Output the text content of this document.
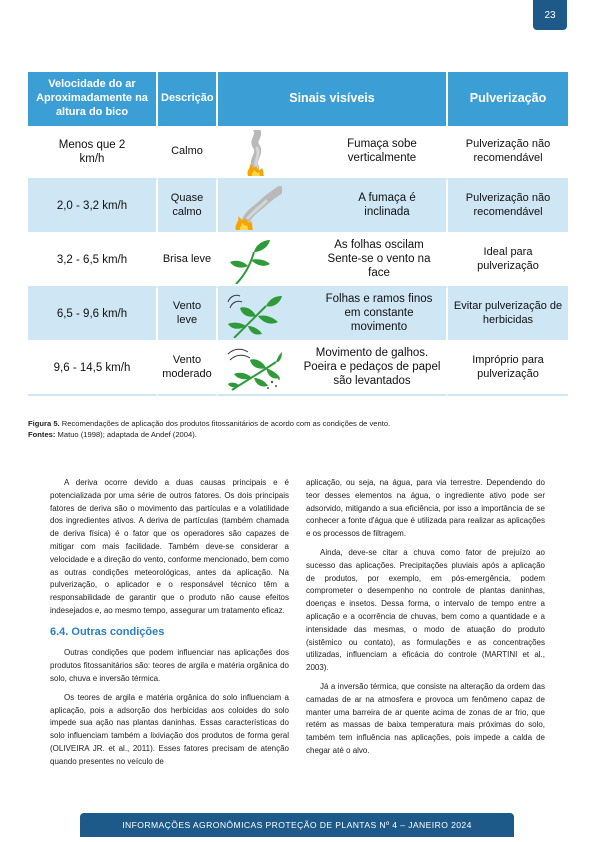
23
Velocidade do ar Aproximadamente na altura do bico	Descrição	Sinais visíveis	Pulverização
Menos que 2 km/h	Calmo	Fumaça sobe verticalmente	Pulverização não recomendável
2,0 - 3,2 km/h	Quase calmo	A fumaça é inclinada	Pulverização não recomendável
3,2 - 6,5 km/h	Brisa leve	As folhas oscilam Sente-se o vento na face	Ideal para pulverização
6,5 - 9,6 km/h	Vento leve	Folhas e ramos finos em constante movimento	Evitar pulverização de herbicidas
9,6 - 14,5 km/h	Vento moderado	Movimento de galhos. Poeira e pedaços de papel são levantados	Impróprio para pulverização
Figura 5. Recomendações de aplicação dos produtos fitossanitários de acordo com as condições de vento.
Fontes: Matuo (1998); adaptada de Andef (2004).

A deriva ocorre devido a duas causas principais e é potencializada por uma série de outros fatores. Os dois principais fatores de deriva são o movimento das partículas e a volatilidade dos ingredientes ativos. A deriva de partículas (também chamada de deriva física) é o fator que os operadores são capazes de mitigar com mais facilidade. Também deve-se considerar a velocidade e a direção do vento, conforme mencionado, bem como as outras condições meteorológicas, antes da aplicação. Na pulverização, o aplicador e o responsável técnico têm a responsabilidade de garantir que o produto não cause efeitos indesejados e, ao mesmo tempo, assegurar um tratamento eficaz.

6.4. Outras condições

Outras condições que podem influenciar nas aplicações dos produtos fitossanitários são: teores de argila e matéria orgânica do solo, chuva e inversão térmica.

Os teores de argila e matéria orgânica do solo influenciam a aplicação, pois a adsorção dos herbicidas aos coloides do solo impede sua ação nas plantas daninhas. Essas características do solo influenciam também a lixiviação dos produtos de forma geral (OLIVEIRA JR. et al., 2011). Esses fatores precisam de atenção quando presentes no veículo de

aplicação, ou seja, na água, para via terrestre. Dependendo do teor desses elementos na água, o ingrediente ativo pode ser adsorvido, mitigando a sua eficiência, por isso a importância de se conhecer a fonte d'água que é utilizada para realizar as aplicações e os processos de filtragem.

Ainda, deve-se citar a chuva como fator de prejuízo ao sucesso das aplicações. Precipitações pluviais após a aplicação de produtos, por exemplo, em pós-emergência, podem comprometer o desempenho no controle de plantas daninhas, doenças e insetos. Dessa forma, o intervalo de tempo entre a aplicação e a ocorrência de chuvas, bem como a quantidade e a intensidade das mesmas, o modo de atuação do produto (sistêmico ou contato), as formulações e as concentrações utilizadas, influenciam a eficácia do controle (MARTINI et al., 2003).

Já a inversão térmica, que consiste na alteração da ordem das camadas de ar na atmosfera e provoca um fenômeno capaz de manter uma barreira de ar quente acima de zonas de ar frio, que retém as massas de baixa temperatura mais próximas do solo, também tem influência nas aplicações, pois impede a calda de chegar até o alvo.

INFORMAÇÕES AGRONÔMICAS PROTEÇÃO DE PLANTAS Nº 4 – JANEIRO 2024
